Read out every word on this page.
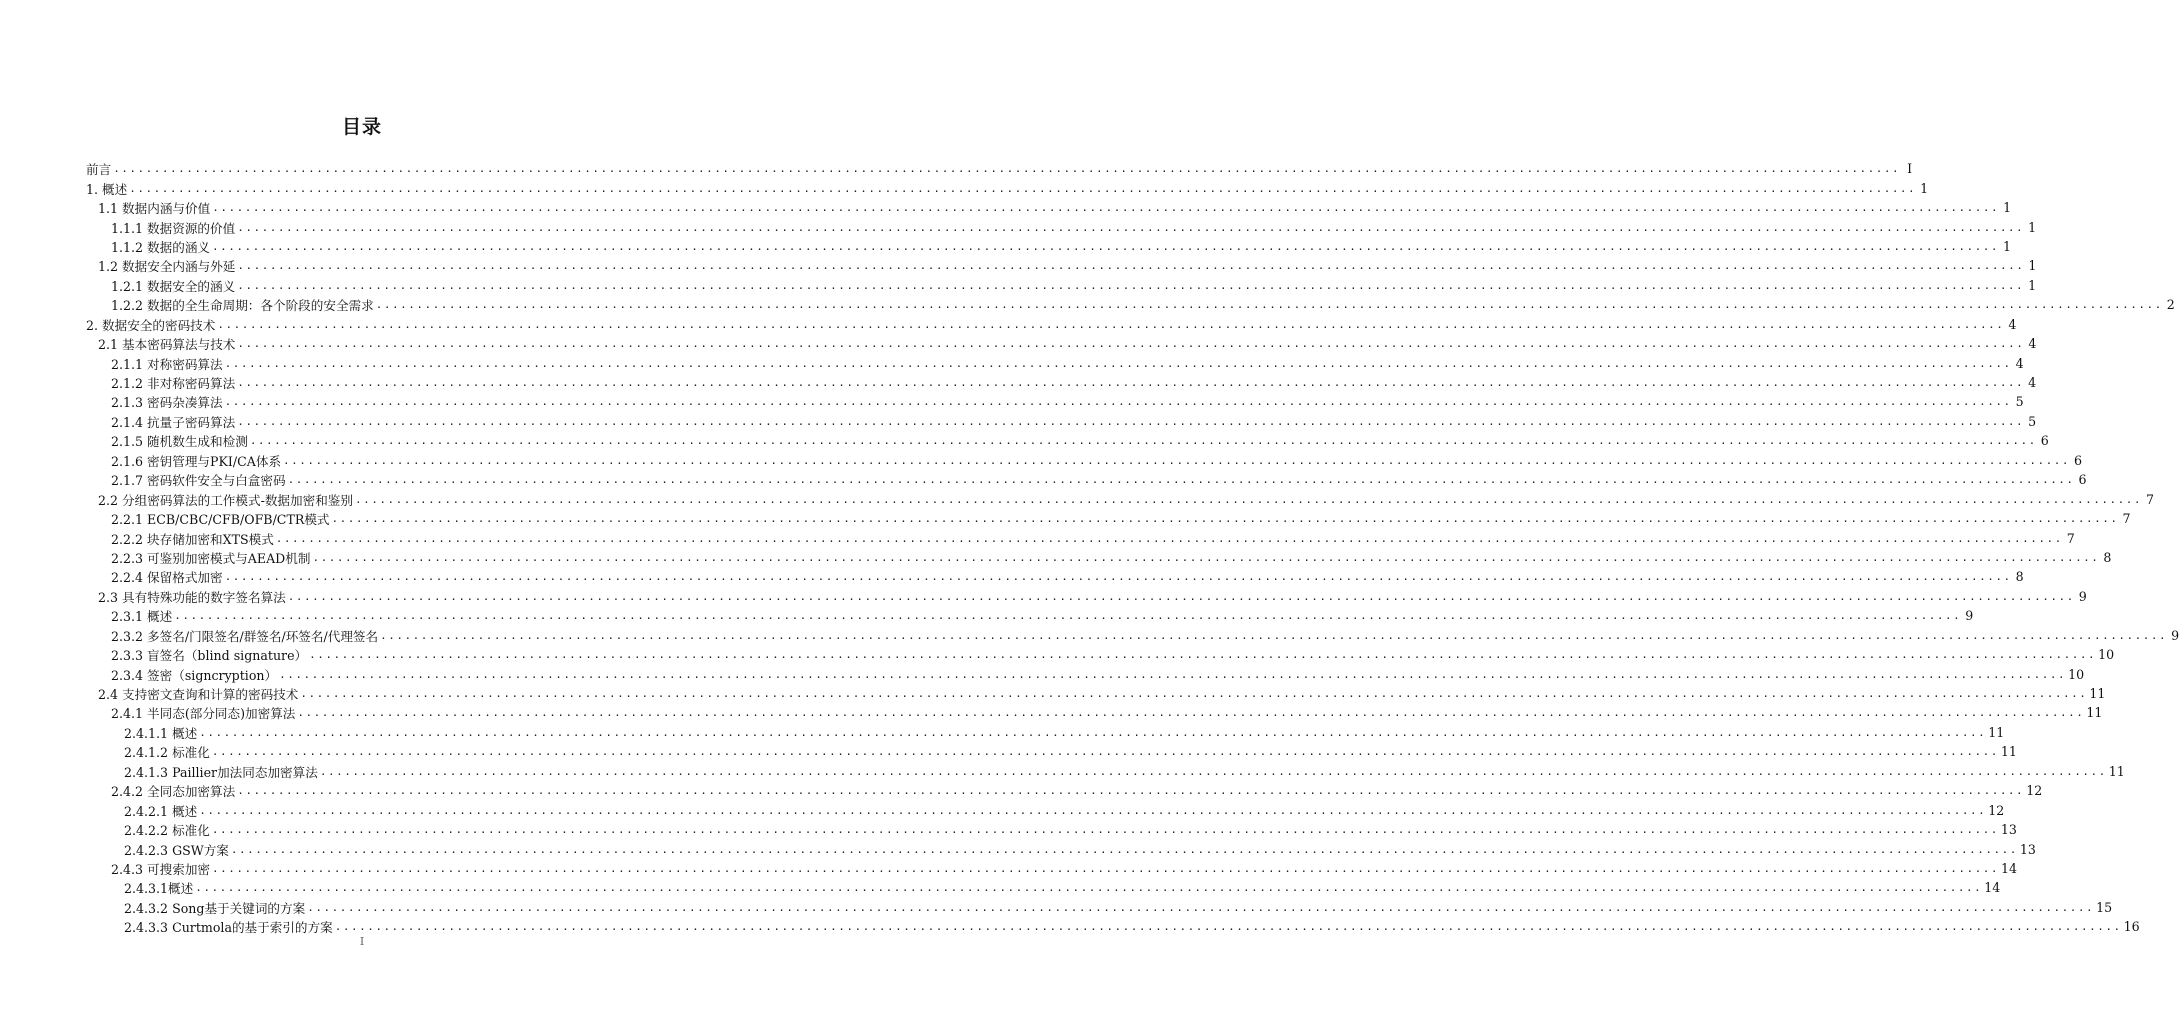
目录
前言 ............................................................................................................................................................................................................................ I
1. 概述 ............................................................................................................................................................................................................................ 1
1.1 数据内涵与价值 ............................................................................................................................................................................................................................ 1
1.1.1 数据资源的价值 ............................................................................................................................................................................................................................ 1
1.1.2 数据的涵义 ............................................................................................................................................................................................................................ 1
1.2 数据安全内涵与外延 ............................................................................................................................................................................................................................ 1
1.2.1 数据安全的涵义 ............................................................................................................................................................................................................................ 1
1.2.2 数据的全生命周期：各个阶段的安全需求 ............................................................................................................................................................................................................................ 2
2. 数据安全的密码技术 ............................................................................................................................................................................................................................ 4
2.1 基本密码算法与技术 ............................................................................................................................................................................................................................ 4
2.1.1 对称密码算法 ............................................................................................................................................................................................................................ 4
2.1.2 非对称密码算法 ............................................................................................................................................................................................................................ 4
2.1.3 密码杂凑算法 ............................................................................................................................................................................................................................ 5
2.1.4 抗量子密码算法 ............................................................................................................................................................................................................................ 5
2.1.5 随机数生成和检测 ............................................................................................................................................................................................................................ 6
2.1.6 密钥管理与PKI/CA体系 ............................................................................................................................................................................................................................ 6
2.1.7 密码软件安全与白盒密码 ............................................................................................................................................................................................................................ 6
2.2 分组密码算法的工作模式-数据加密和鉴别 ............................................................................................................................................................................................................................ 7
2.2.1 ECB/CBC/CFB/OFB/CTR模式 ............................................................................................................................................................................................................................ 7
2.2.2 块存储加密和XTS模式 ............................................................................................................................................................................................................................ 7
2.2.3 可鉴别加密模式与AEAD机制 ............................................................................................................................................................................................................................ 8
2.2.4 保留格式加密 ............................................................................................................................................................................................................................ 8
2.3 具有特殊功能的数字签名算法 ............................................................................................................................................................................................................................ 9
2.3.1 概述 ............................................................................................................................................................................................................................ 9
2.3.2 多签名/门限签名/群签名/环签名/代理签名 ............................................................................................................................................................................................................................ 9
2.3.3 盲签名（blind signature） ............................................................................................................................................................................................................................ 10
2.3.4 签密（signcryption） ............................................................................................................................................................................................................................ 10
2.4 支持密文查询和计算的密码技术 ............................................................................................................................................................................................................................ 11
2.4.1 半同态(部分同态)加密算法 ............................................................................................................................................................................................................................ 11
2.4.1.1 概述 ............................................................................................................................................................................................................................ 11
2.4.1.2 标准化 ............................................................................................................................................................................................................................ 11
2.4.1.3 Paillier加法同态加密算法 ............................................................................................................................................................................................................................ 11
2.4.2 全同态加密算法 ............................................................................................................................................................................................................................ 12
2.4.2.1 概述 ............................................................................................................................................................................................................................ 12
2.4.2.2 标准化 ............................................................................................................................................................................................................................ 13
2.4.2.3 GSW方案 ............................................................................................................................................................................................................................ 13
2.4.3 可搜索加密 ............................................................................................................................................................................................................................ 14
2.4.3.1概述 ............................................................................................................................................................................................................................ 14
2.4.3.2 Song基于关键词的方案 ............................................................................................................................................................................................................................ 15
2.4.3.3 Curtmola的基于索引的方案 ............................................................................................................................................................................................................................ 16
I
